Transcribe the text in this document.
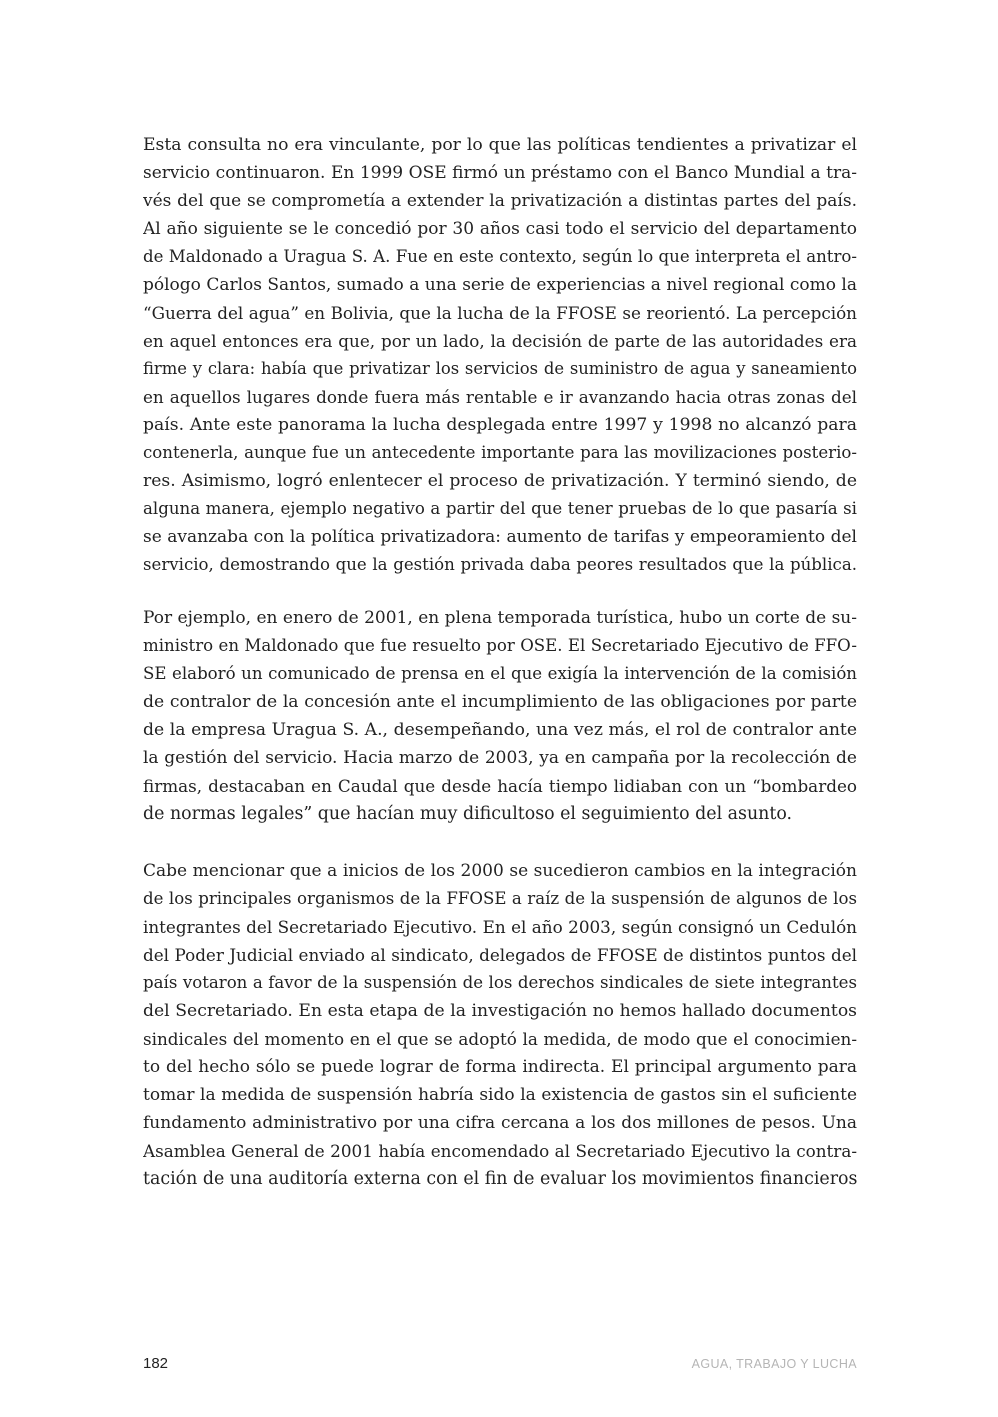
Esta consulta no era vinculante, por lo que las políticas tendientes a privatizar el
servicio continuaron. En 1999 OSE firmó un préstamo con el Banco Mundial a tra-
vés del que se comprometía a extender la privatización a distintas partes del país.
Al año siguiente se le concedió por 30 años casi todo el servicio del departamento
de Maldonado a Uragua S. A. Fue en este contexto, según lo que interpreta el antro-
pólogo Carlos Santos, sumado a una serie de experiencias a nivel regional como la
“Guerra del agua” en Bolivia, que la lucha de la FFOSE se reorientó. La percepción
en aquel entonces era que, por un lado, la decisión de parte de las autoridades era
firme y clara: había que privatizar los servicios de suministro de agua y saneamiento
en aquellos lugares donde fuera más rentable e ir avanzando hacia otras zonas del
país. Ante este panorama la lucha desplegada entre 1997 y 1998 no alcanzó para
contenerla, aunque fue un antecedente importante para las movilizaciones posterio-
res. Asimismo, logró enlentecer el proceso de privatización. Y terminó siendo, de
alguna manera, ejemplo negativo a partir del que tener pruebas de lo que pasaría si
se avanzaba con la política privatizadora: aumento de tarifas y empeoramiento del
servicio, demostrando que la gestión privada daba peores resultados que la pública.
Por ejemplo, en enero de 2001, en plena temporada turística, hubo un corte de su-
ministro en Maldonado que fue resuelto por OSE. El Secretariado Ejecutivo de FFO-
SE elaboró un comunicado de prensa en el que exigía la intervención de la comisión
de contralor de la concesión ante el incumplimiento de las obligaciones por parte
de la empresa Uragua S. A., desempeñando, una vez más, el rol de contralor ante
la gestión del servicio. Hacia marzo de 2003, ya en campaña por la recolección de
firmas, destacaban en Caudal que desde hacía tiempo lidiaban con un “bombardeo
de normas legales” que hacían muy dificultoso el seguimiento del asunto.
Cabe mencionar que a inicios de los 2000 se sucedieron cambios en la integración
de los principales organismos de la FFOSE a raíz de la suspensión de algunos de los
integrantes del Secretariado Ejecutivo. En el año 2003, según consignó un Cedulón
del Poder Judicial enviado al sindicato, delegados de FFOSE de distintos puntos del
país votaron a favor de la suspensión de los derechos sindicales de siete integrantes
del Secretariado. En esta etapa de la investigación no hemos hallado documentos
sindicales del momento en el que se adoptó la medida, de modo que el conocimien-
to del hecho sólo se puede lograr de forma indirecta. El principal argumento para
tomar la medida de suspensión habría sido la existencia de gastos sin el suficiente
fundamento administrativo por una cifra cercana a los dos millones de pesos. Una
Asamblea General de 2001 había encomendado al Secretariado Ejecutivo la contra-
tación de una auditoría externa con el fin de evaluar los movimientos financieros
182	AGUA, TRABAJO Y LUCHA
